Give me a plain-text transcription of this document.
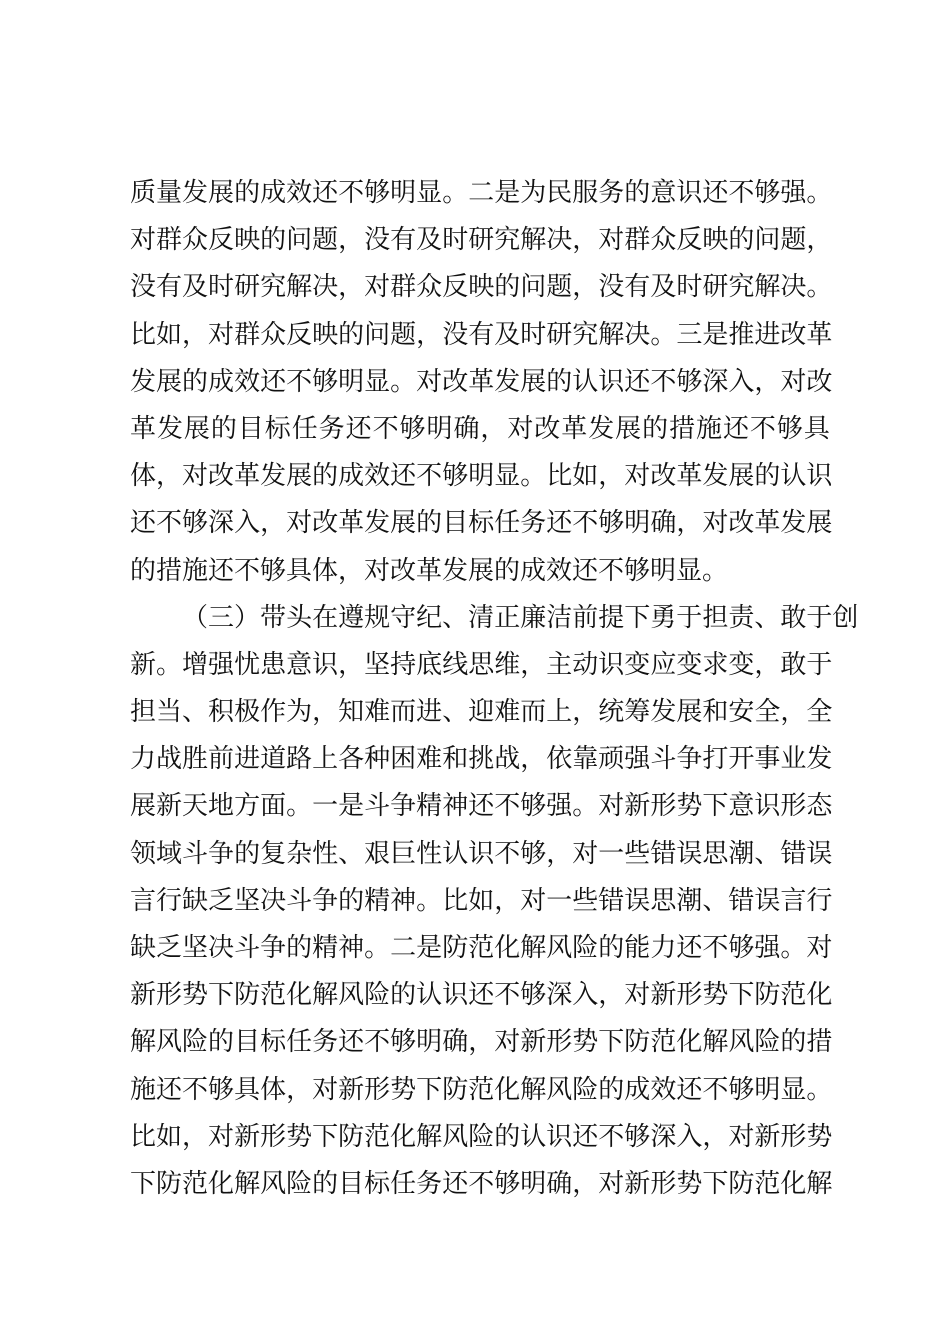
质 量 发 展 的 成 效 还 不 够 明 显 。 二 是 为 民 服 务 的 意 识 还 不 够 强 。
对 群 众 反 映 的 问 题 ， 没 有 及 时 研 究 解 决 ， 对 群 众 反 映 的 问 题 ，
没 有 及 时 研 究 解 决 ， 对 群 众 反 映 的 问 题 ， 没 有 及 时 研 究 解 决 。
比 如 ， 对 群 众 反 映 的 问 题 ， 没 有 及 时 研 究 解 决 。 三 是 推 进 改 革
发 展 的 成 效 还 不 够 明 显 。 对 改 革 发 展 的 认 识 还 不 够 深 入 ， 对 改
革 发 展 的 目 标 任 务 还 不 够 明 确 ， 对 改 革 发 展 的 措 施 还 不 够 具
体 ， 对 改 革 发 展 的 成 效 还 不 够 明 显 。 比 如 ， 对 改 革 发 展 的 认 识
还 不 够 深 入 ， 对 改 革 发 展 的 目 标 任 务 还 不 够 明 确 ， 对 改 革 发 展
的措施还不够具体，对改革发展的成效还不够明显。
（ 三 ） 带 头 在 遵 规 守 纪 、 清 正 廉 洁 前 提 下 勇 于 担 责 、 敢 于 创
新 。 增 强 忧 患 意 识 ， 坚 持 底 线 思 维 ， 主 动 识 变 应 变 求 变 ， 敢 于
担 当 、 积 极 作 为 ， 知 难 而 进 、 迎 难 而 上 ， 统 筹 发 展 和 安 全 ， 全
力 战 胜 前 进 道 路 上 各 种 困 难 和 挑 战 ， 依 靠 顽 强 斗 争 打 开 事 业 发
展 新 天 地 方 面 。 一 是 斗 争 精 神 还 不 够 强 。 对 新 形 势 下 意 识 形 态
领 域 斗 争 的 复 杂 性 、 艰 巨 性 认 识 不 够 ， 对 一 些 错 误 思 潮 、 错 误
言 行 缺 乏 坚 决 斗 争 的 精 神 。 比 如 ， 对 一 些 错 误 思 潮 、 错 误 言 行
缺 乏 坚 决 斗 争 的 精 神 。 二 是 防 范 化 解 风 险 的 能 力 还 不 够 强 。 对
新 形 势 下 防 范 化 解 风 险 的 认 识 还 不 够 深 入 ， 对 新 形 势 下 防 范 化
解 风 险 的 目 标 任 务 还 不 够 明 确 ， 对 新 形 势 下 防 范 化 解 风 险 的 措
施 还 不 够 具 体 ， 对 新 形 势 下 防 范 化 解 风 险 的 成 效 还 不 够 明 显 。
比 如 ， 对 新 形 势 下 防 范 化 解 风 险 的 认 识 还 不 够 深 入 ， 对 新 形 势
下 防 范 化 解 风 险 的 目 标 任 务 还 不 够 明 确 ， 对 新 形 势 下 防 范 化 解
